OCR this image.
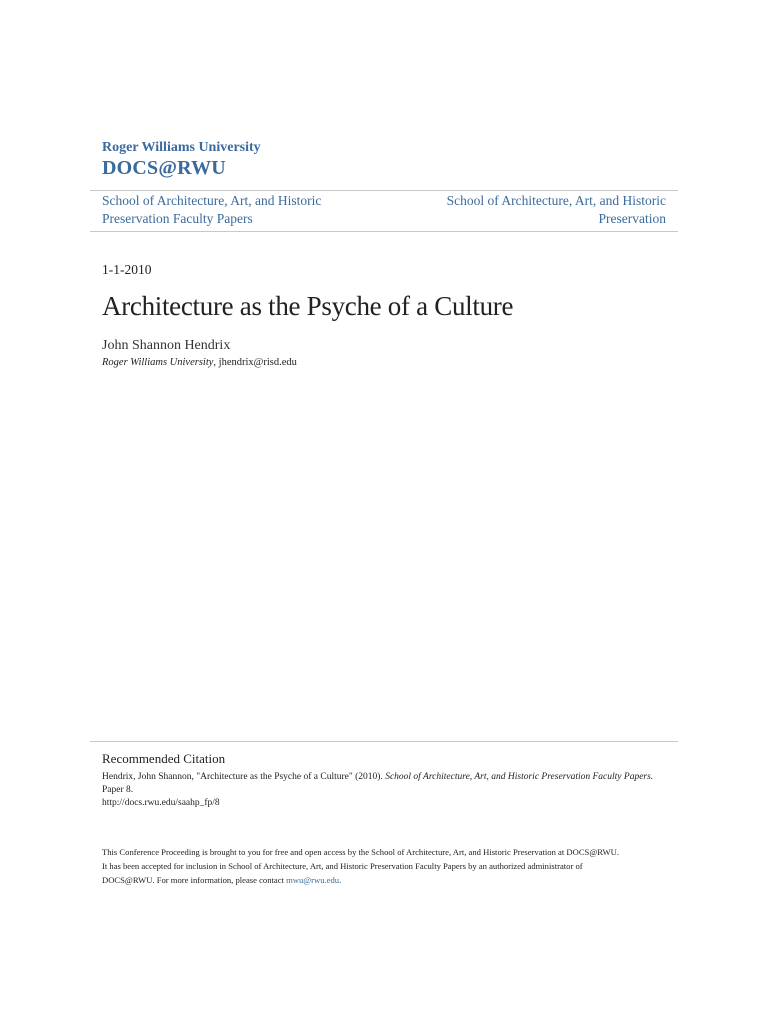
Roger Williams University
DOCS@RWU
School of Architecture, Art, and Historic
Preservation Faculty Papers
School of Architecture, Art, and Historic
Preservation
1-1-2010
Architecture as the Psyche of a Culture
John Shannon Hendrix
Roger Williams University, jhendrix@risd.edu
Recommended Citation
Hendrix, John Shannon, "Architecture as the Psyche of a Culture" (2010). School of Architecture, Art, and Historic Preservation Faculty Papers. Paper 8.
http://docs.rwu.edu/saahp_fp/8
This Conference Proceeding is brought to you for free and open access by the School of Architecture, Art, and Historic Preservation at DOCS@RWU.
It has been accepted for inclusion in School of Architecture, Art, and Historic Preservation Faculty Papers by an authorized administrator of
DOCS@RWU. For more information, please contact mwu@rwu.edu.
